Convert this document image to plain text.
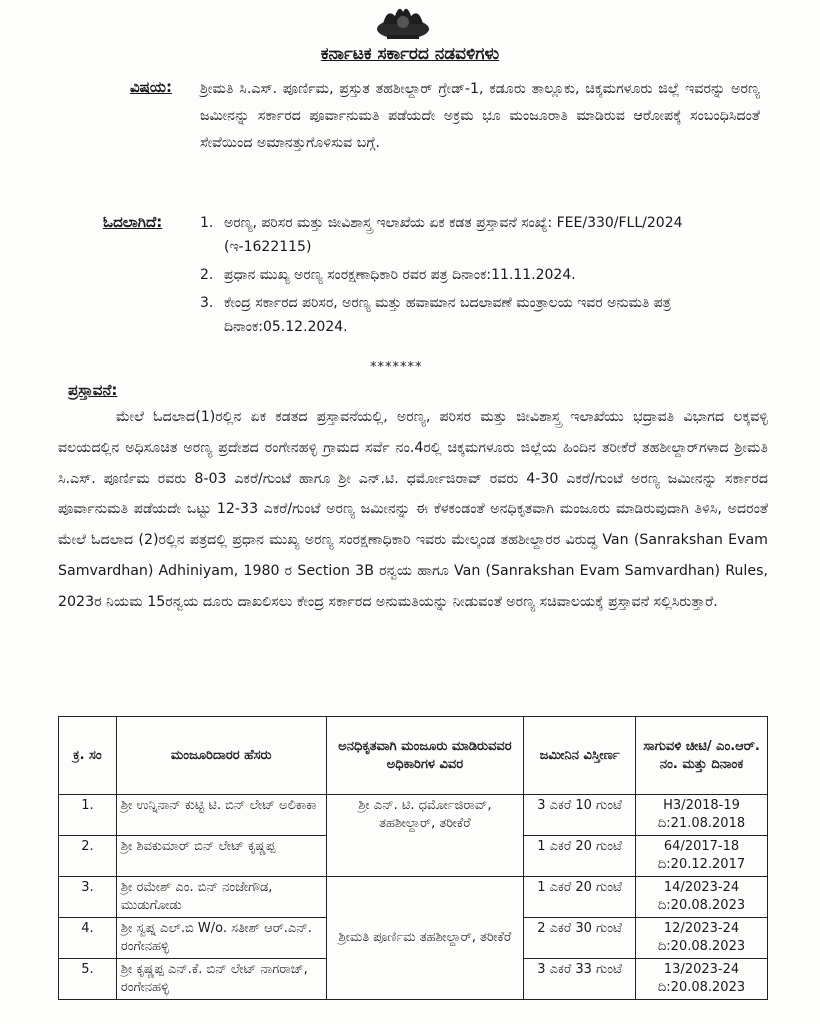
ಕರ್ನಾಟಕ ಸರ್ಕಾರದ ನಡವಳಿಗಳು
ವಿಷಯ: ಶ್ರೀಮತಿ ಸಿ.ಎಸ್. ಪೂರ್ಣಿಮ, ಪ್ರಸ್ತುತ ತಹಶೀಲ್ದಾರ್ ಗ್ರೇಡ್-1, ಕಡೂರು ತಾಲ್ಲೂಕು, ಚಿಕ್ಕಮಗಳೂರು ಜಿಲ್ಲೆ ಇವರನ್ನು ಅರಣ್ಯ ಜಮೀನನ್ನು ಸರ್ಕಾರದ ಪೂರ್ವಾನುಮತಿ ಪಡೆಯದೇ ಅಕ್ರಮ ಭೂ ಮಂಜೂರಾತಿ ಮಾಡಿರುವ ಆರೋಪಕ್ಕೆ ಸಂಬಂಧಿಸಿದಂತೆ ಸೇವೆಯಿಂದ ಅಮಾನತ್ತುಗೊಳಿಸುವ ಬಗ್ಗೆ.
ಓದಲಾಗಿದೆ:	1. ಅರಣ್ಯ, ಪರಿಸರ ಮತ್ತು ಜೀವಿಶಾಸ್ತ್ರ ಇಲಾಖೆಯ ಏಕ ಕಡತ ಪ್ರಸ್ತಾವನೆ ಸಂಖ್ಯೆ: FEE/330/FLL/2024 (ಇ-1622115)
2. ಪ್ರಧಾನ ಮುಖ್ಯ ಅರಣ್ಯ ಸಂರಕ್ಷಣಾಧಿಕಾರಿ ರವರ ಪತ್ರ ದಿನಾಂಕ:11.11.2024.
3. ಕೇಂದ್ರ ಸರ್ಕಾರದ ಪರಿಸರ, ಅರಣ್ಯ ಮತ್ತು ಹವಾಮಾನ ಬದಲಾವಣೆ ಮಂತ್ರಾಲಯ ಇವರ ಅನುಮತಿ ಪತ್ರ ದಿನಾಂಕ:05.12.2024.
*******
ಪ್ರಸ್ತಾವನೆ:
ಮೇಲೆ ಓದಲಾದ(1)ರಲ್ಲಿನ ಏಕ ಕಡತದ ಪ್ರಸ್ತಾವನೆಯಲ್ಲಿ, ಅರಣ್ಯ, ಪರಿಸರ ಮತ್ತು ಜೀವಿಶಾಸ್ತ್ರ ಇಲಾಖೆಯು ಭದ್ರಾವತಿ ವಿಭಾಗದ ಲಕ್ಕವಳ್ಳಿ ವಲಯದಲ್ಲಿನ ಅಧಿಸೂಚಿತ ಅರಣ್ಯ ಪ್ರದೇಶದ ರಂಗೇನಹಳ್ಳಿ ಗ್ರಾಮದ ಸರ್ವೆ ನಂ.4ರಲ್ಲಿ ಚಿಕ್ಕಮಗಳೂರು ಜಿಲ್ಲೆಯ ಹಿಂದಿನ ತರೀಕೆರೆ ತಹಶೀಲ್ದಾರ್‌ಗಳಾದ ಶ್ರೀಮತಿ ಸಿ.ಎಸ್. ಪೂರ್ಣಿಮ ರವರು 8-03 ಎಕರೆ/ಗುಂಟೆ ಹಾಗೂ ಶ್ರೀ ಎನ್.ಟಿ. ಧರ್ಮೋಜಿರಾವ್ ರವರು 4-30 ಎಕರೆ/ಗುಂಟೆ ಅರಣ್ಯ ಜಮೀನನ್ನು ಸರ್ಕಾರದ ಪೂರ್ವಾನುಮತಿ ಪಡೆಯದೇ ಒಟ್ಟು 12-33 ಎಕರೆ/ಗುಂಟೆ ಅರಣ್ಯ ಜಮೀನನ್ನು ಈ ಕೆಳಕಂಡಂತೆ ಅನಧಿಕೃತವಾಗಿ ಮಂಜೂರು ಮಾಡಿರುವುದಾಗಿ ತಿಳಿಸಿ, ಅದರಂತೆ ಮೇಲೆ ಓದಲಾದ (2)ರಲ್ಲಿನ ಪತ್ರದಲ್ಲಿ ಪ್ರಧಾನ ಮುಖ್ಯ ಅರಣ್ಯ ಸಂರಕ್ಷಣಾಧಿಕಾರಿ ಇವರು ಮೇಲ್ಕಂಡ ತಹಶೀಲ್ದಾರರ ವಿರುದ್ಧ Van (Sanrakshan Evam Samvardhan) Adhiniyam, 1980 ರ Section 3B ರನ್ವಯ ಹಾಗೂ Van (Sanrakshan Evam Samvardhan) Rules, 2023ರ ನಿಯಮ 15ರನ್ವಯ ದೂರು ದಾಖಲಿಸಲು ಕೇಂದ್ರ ಸರ್ಕಾರದ ಅನುಮತಿಯನ್ನು ನೀಡುವಂತೆ ಅರಣ್ಯ ಸಚಿವಾಲಯಕ್ಕೆ ಪ್ರಸ್ತಾವನೆ ಸಲ್ಲಿಸಿರುತ್ತಾರೆ.
ಕ್ರ. ಸಂ	ಮಂಜೂರಿದಾರರ ಹೆಸರು	ಅನಧಿಕೃತವಾಗಿ ಮಂಜೂರು ಮಾಡಿರುವವರ ಅಧಿಕಾರಿಗಳ ವಿವರ	ಜಮೀನಿನ ವಿಸ್ತೀರ್ಣ	ಸಾಗುವಳಿ ಚೀಟಿ/ ಎಂ.ಆರ್. ನಂ. ಮತ್ತು ದಿನಾಂಕ
1.	ಶ್ರೀ ಉನ್ನಿನಾನ್ ಕುಟ್ಟಿ ಟಿ. ಬಿನ್ ಲೇಟ್ ಅಲಿಕಾಕಾ	ಶ್ರೀ ಎನ್. ಟಿ. ಧರ್ಮೋಜಿರಾವ್, ತಹಶೀಲ್ದಾರ್, ತರೀಕೆರೆ	3 ಎಕರೆ 10 ಗುಂಟೆ	H3/2018-19 ದಿ:21.08.2018
2.	ಶ್ರೀ ಶಿವಕುಮಾರ್ ಬಿನ್ ಲೇಟ್ ಕೃಷ್ಣಪ್ಪ		1 ಎಕರೆ 20 ಗುಂಟೆ	64/2017-18 ದಿ:20.12.2017
3.	ಶ್ರೀ ರಮೇಶ್ ಎಂ. ಬಿನ್ ನಂಜೇಗೌಡ, ಮುಡುಗೋಡು	ಶ್ರೀಮತಿ ಪೂರ್ಣಿಮ ತಹಶೀಲ್ದಾರ್, ತರೀಕೆರೆ	1 ಎಕರೆ 20 ಗುಂಟೆ	14/2023-24 ದಿ:20.08.2023
4.	ಶ್ರೀ ಸ್ವಪ್ನ ಎಲ್.ಬಿ W/o. ಸತೀಶ್ ಆರ್.ಎನ್. ರಂಗೇನಹಳ್ಳಿ		2 ಎಕರೆ 30 ಗುಂಟೆ	12/2023-24 ದಿ:20.08.2023
5.	ಶ್ರೀ ಕೃಷ್ಣಪ್ಪ ಎನ್.ಕೆ. ಬಿನ್ ಲೇಟ್ ನಾಗರಾಜ್, ರಂಗೇನಹಳ್ಳಿ		3 ಎಕರೆ 33 ಗುಂಟೆ	13/2023-24 ದಿ:20.08.2023
